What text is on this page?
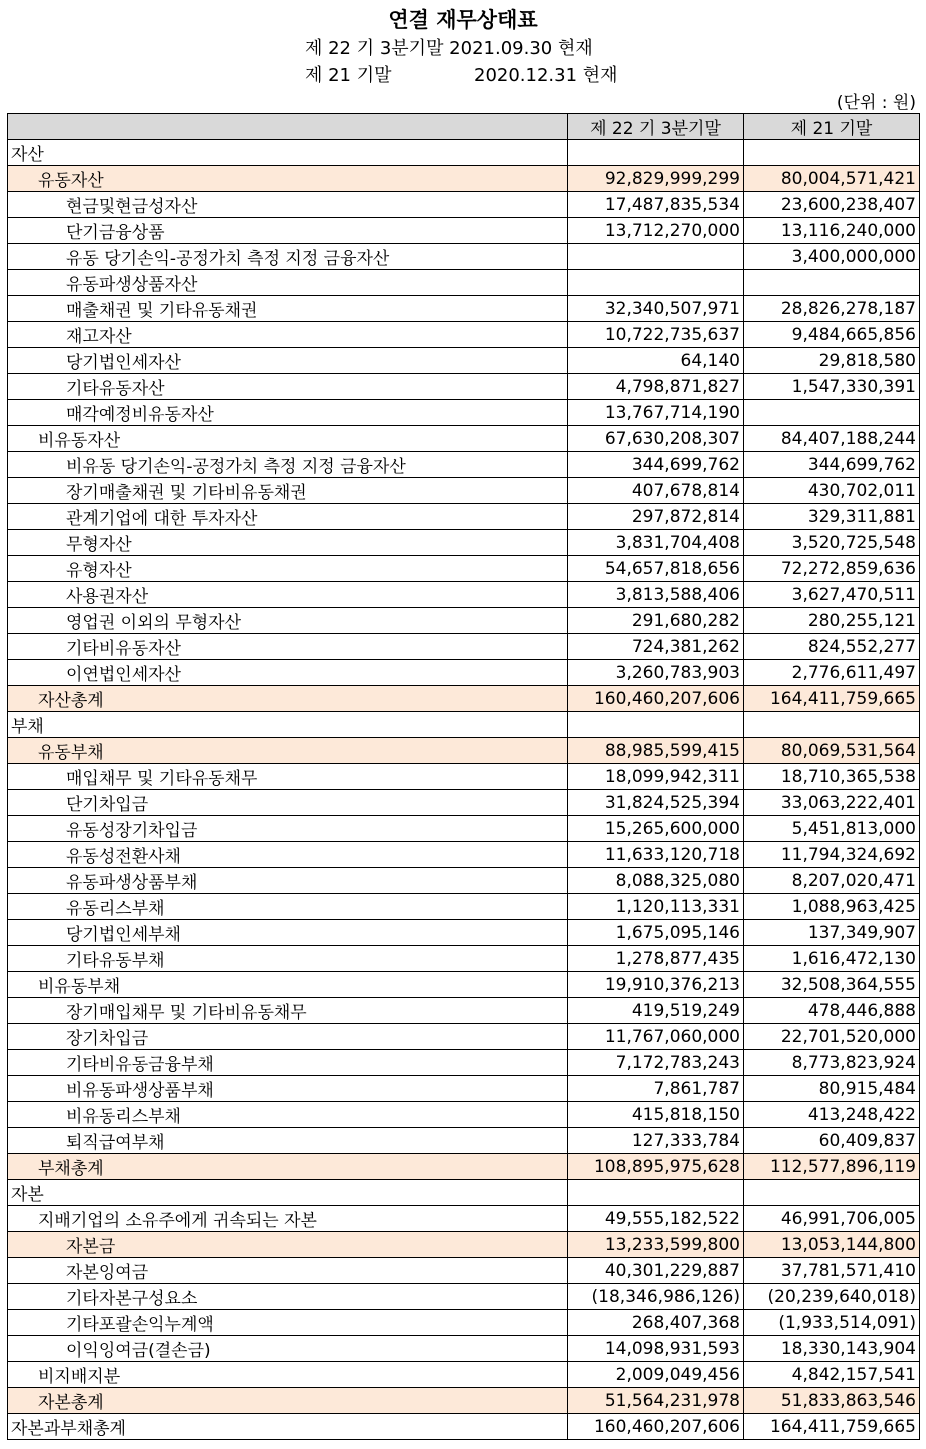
연결 재무상태표
제 22 기 3분기말 2021.09.30 현재
제 21 기말	2020.12.31 현재
(단위 : 원)
	제 22 기 3분기말	제 21 기말
자산		
유동자산	92,829,999,299	80,004,571,421
현금및현금성자산	17,487,835,534	23,600,238,407
단기금융상품	13,712,270,000	13,116,240,000
유동 당기손익-공정가치 측정 지정 금융자산		3,400,000,000
유동파생상품자산		
매출채권 및 기타유동채권	32,340,507,971	28,826,278,187
재고자산	10,722,735,637	9,484,665,856
당기법인세자산	64,140	29,818,580
기타유동자산	4,798,871,827	1,547,330,391
매각예정비유동자산	13,767,714,190	
비유동자산	67,630,208,307	84,407,188,244
비유동 당기손익-공정가치 측정 지정 금융자산	344,699,762	344,699,762
장기매출채권 및 기타비유동채권	407,678,814	430,702,011
관계기업에 대한 투자자산	297,872,814	329,311,881
무형자산	3,831,704,408	3,520,725,548
유형자산	54,657,818,656	72,272,859,636
사용권자산	3,813,588,406	3,627,470,511
영업권 이외의 무형자산	291,680,282	280,255,121
기타비유동자산	724,381,262	824,552,277
이연법인세자산	3,260,783,903	2,776,611,497
자산총계	160,460,207,606	164,411,759,665
부채		
유동부채	88,985,599,415	80,069,531,564
매입채무 및 기타유동채무	18,099,942,311	18,710,365,538
단기차입금	31,824,525,394	33,063,222,401
유동성장기차입금	15,265,600,000	5,451,813,000
유동성전환사채	11,633,120,718	11,794,324,692
유동파생상품부채	8,088,325,080	8,207,020,471
유동리스부채	1,120,113,331	1,088,963,425
당기법인세부채	1,675,095,146	137,349,907
기타유동부채	1,278,877,435	1,616,472,130
비유동부채	19,910,376,213	32,508,364,555
장기매입채무 및 기타비유동채무	419,519,249	478,446,888
장기차입금	11,767,060,000	22,701,520,000
기타비유동금융부채	7,172,783,243	8,773,823,924
비유동파생상품부채	7,861,787	80,915,484
비유동리스부채	415,818,150	413,248,422
퇴직급여부채	127,333,784	60,409,837
부채총계	108,895,975,628	112,577,896,119
자본		
지배기업의 소유주에게 귀속되는 자본	49,555,182,522	46,991,706,005
자본금	13,233,599,800	13,053,144,800
자본잉여금	40,301,229,887	37,781,571,410
기타자본구성요소	(18,346,986,126)	(20,239,640,018)
기타포괄손익누계액	268,407,368	(1,933,514,091)
이익잉여금(결손금)	14,098,931,593	18,330,143,904
비지배지분	2,009,049,456	4,842,157,541
자본총계	51,564,231,978	51,833,863,546
자본과부채총계	160,460,207,606	164,411,759,665
